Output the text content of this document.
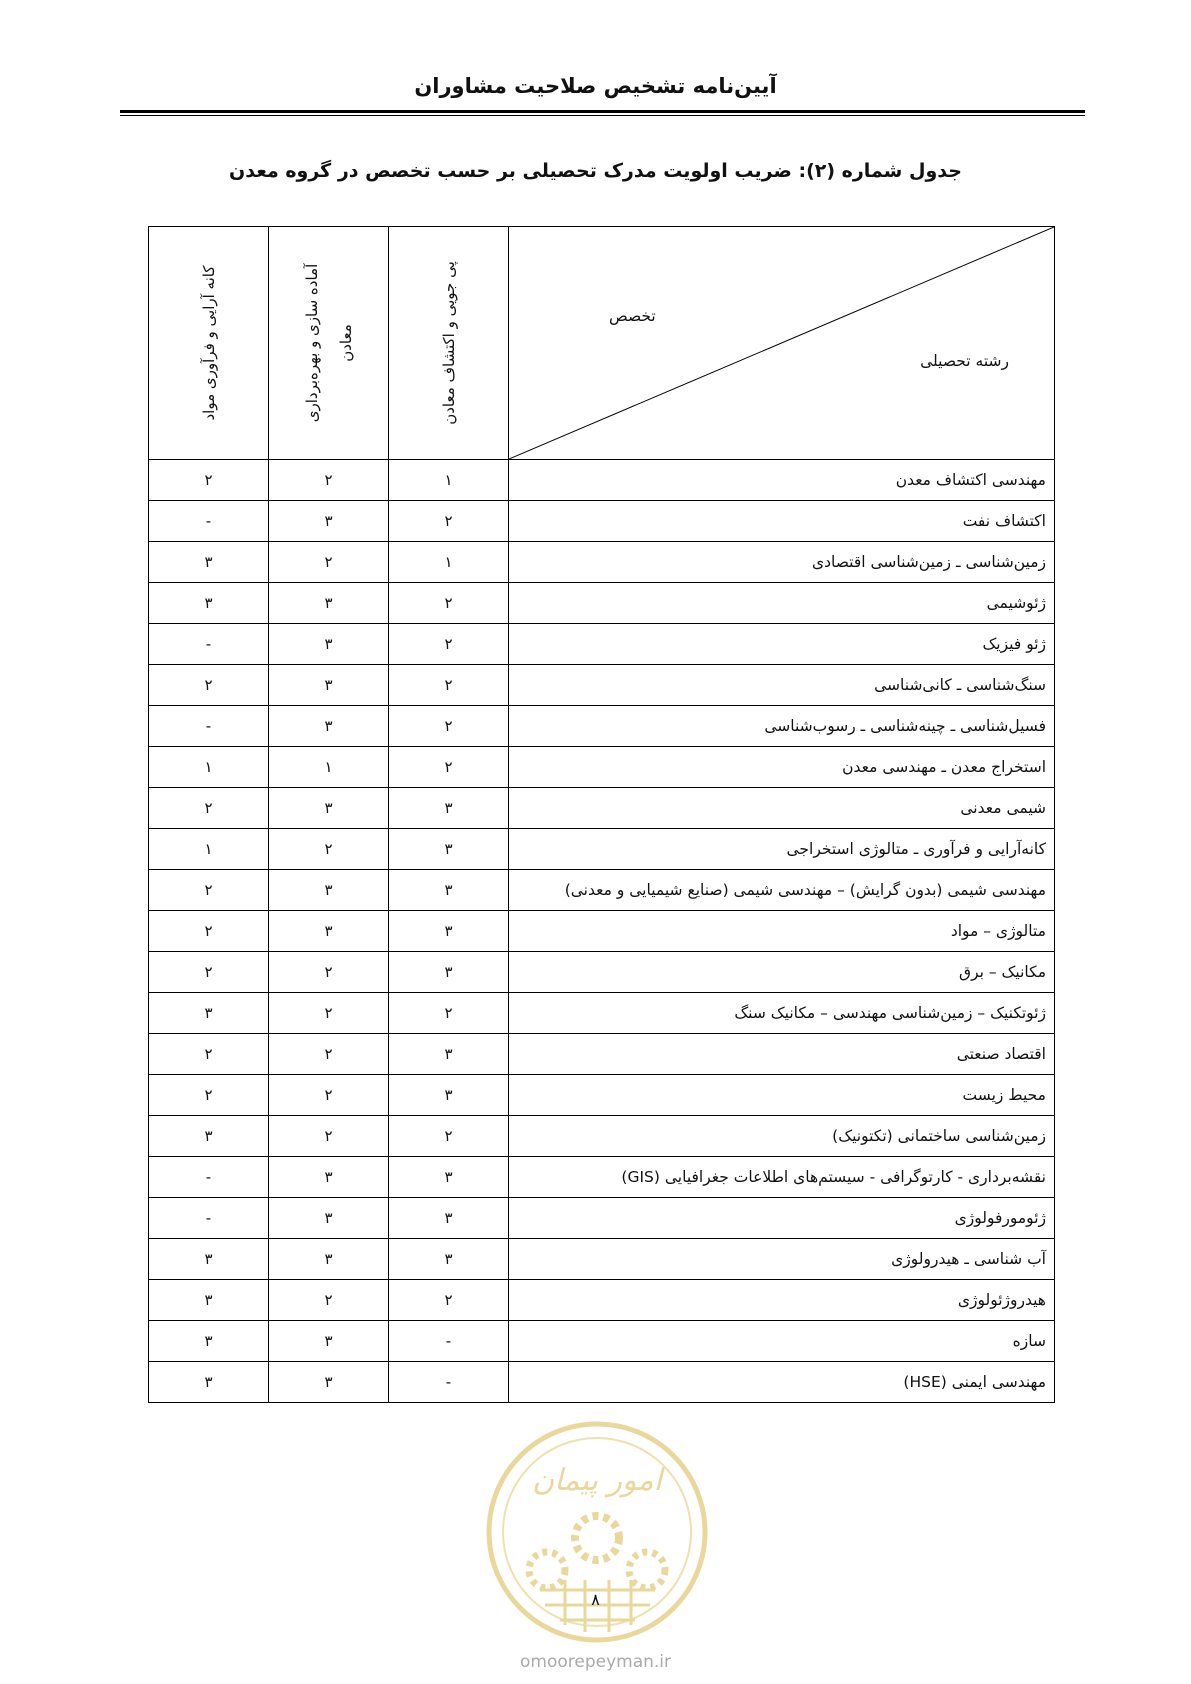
آیین‌نامه تشخیص صلاحیت مشاوران
جدول شماره (۲): ضریب اولویت مدرک تحصیلی بر حسب تخصص در گروه معدن
کانه آرایی و فرآوری مواد	آماده سازی و بهره‌برداری
معادن	پی جویی و اکتشاف معادن	تخصص
رشته تحصیلی

۲	۲	۱	مهندسی اکتشاف معدن
-	۳	۲	اکتشاف نفت
۳	۲	۱	زمین‌شناسی ـ زمین‌شناسی اقتصادی
۳	۳	۲	ژئوشیمی
-	۳	۲	ژئو فیزیک
۲	۳	۲	سنگ‌شناسی ـ کانی‌شناسی
-	۳	۲	فسیل‌شناسی ـ چینه‌شناسی ـ رسوب‌شناسی
۱	۱	۲	استخراج معدن ـ مهندسی معدن
۲	۳	۳	شیمی معدنی
۱	۲	۳	کانه‌آرایی و فرآوری ـ متالوژی استخراجی
۲	۳	۳	مهندسی شیمی (بدون گرایش) – مهندسی شیمی (صنایع شیمیایی و معدنی)
۲	۳	۳	متالوژی – مواد
۲	۲	۳	مکانیک – برق
۳	۲	۲	ژئوتکنیک – زمین‌شناسی مهندسی – مکانیک سنگ
۲	۲	۳	اقتصاد صنعتی
۲	۲	۳	محیط زیست
۳	۲	۲	زمین‌شناسی ساختمانی (تکتونیک)
-	۳	۳	نقشه‌برداری - کارتوگرافی - سیستم‌های اطلاعات جغرافیایی (GIS)
-	۳	۳	ژئومورفولوژی
۳	۳	۳	آب شناسی ـ هیدرولوژی
۳	۲	۲	هیدروژئولوژی
۳	۳	-	سازه
۳	۳	-	مهندسی ایمنی (HSE)
امور پیمان
۸
omoorepeyman.ir
